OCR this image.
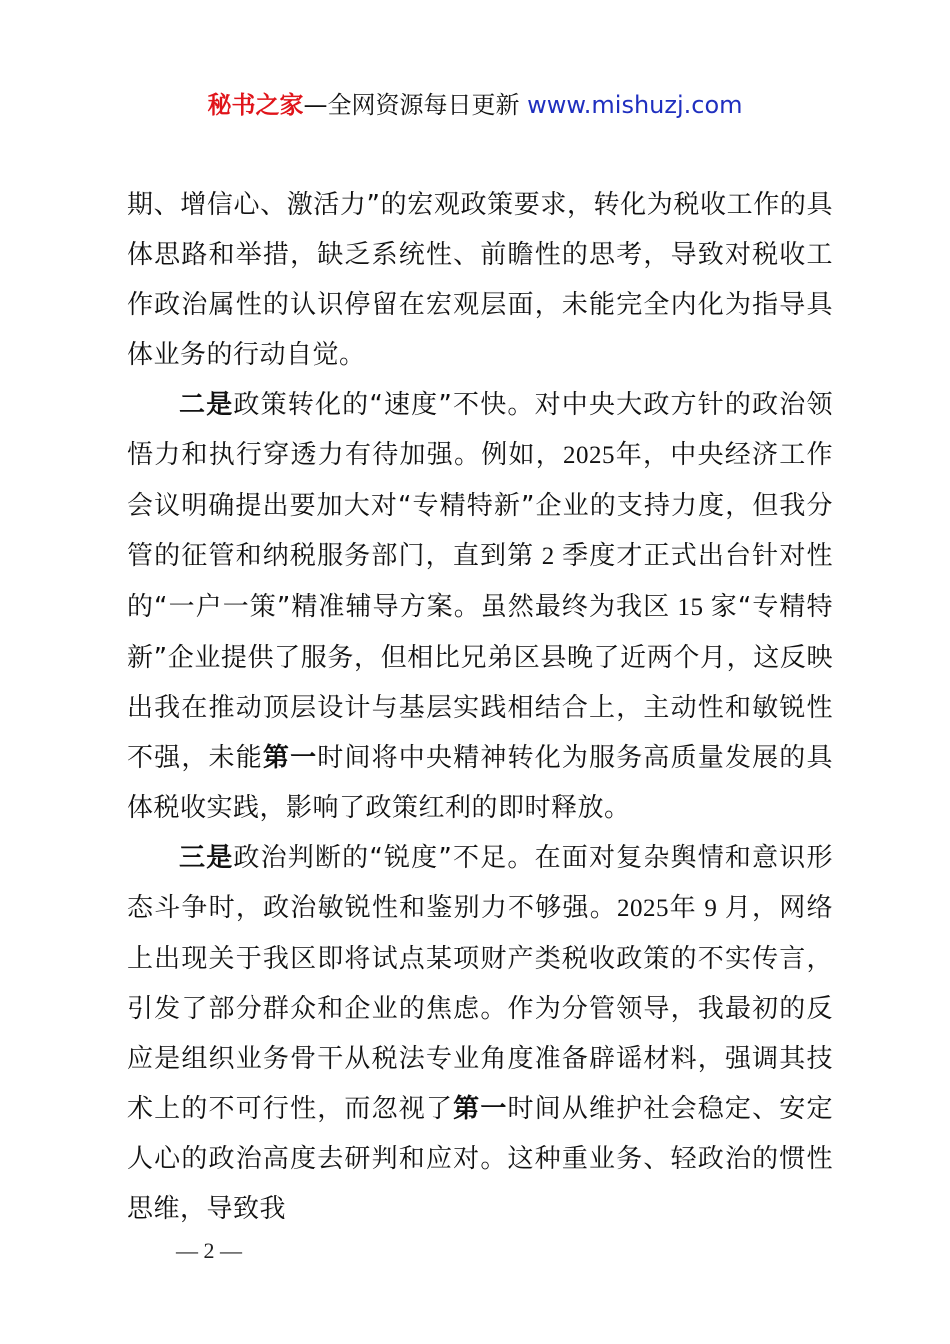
秘书之家—全网资源每日更新 www.mishuzj.com

期、增信心、激活力”的宏观政策要求，转化为税收工作的具体思路和举措，缺乏系统性、前瞻性的思考，导致对税收工作政治属性的认识停留在宏观层面，未能完全内化为指导具体业务的行动自觉。

二是政策转化的“速度”不快。对中央大政方针的政治领悟力和执行穿透力有待加强。例如，2025年，中央经济工作会议明确提出要加大对“专精特新”企业的支持力度，但我分管的征管和纳税服务部门，直到第 2 季度才正式出台针对性的“一户一策”精准辅导方案。虽然最终为我区 15 家“专精特新”企业提供了服务，但相比兄弟区县晚了近两个月，这反映出我在推动顶层设计与基层实践相结合上，主动性和敏锐性不强，未能第一时间将中央精神转化为服务高质量发展的具体税收实践，影响了政策红利的即时释放。

三是政治判断的“锐度”不足。在面对复杂舆情和意识形态斗争时，政治敏锐性和鉴别力不够强。2025年 9 月，网络上出现关于我区即将试点某项财产类税收政策的不实传言，引发了部分群众和企业的焦虑。作为分管领导，我最初的反应是组织业务骨干从税法专业角度准备辟谣材料，强调其技术上的不可行性，而忽视了第一时间从维护社会稳定、安定人心的政治高度去研判和应对。这种重业务、轻政治的惯性思维，导致我

— 2 —
